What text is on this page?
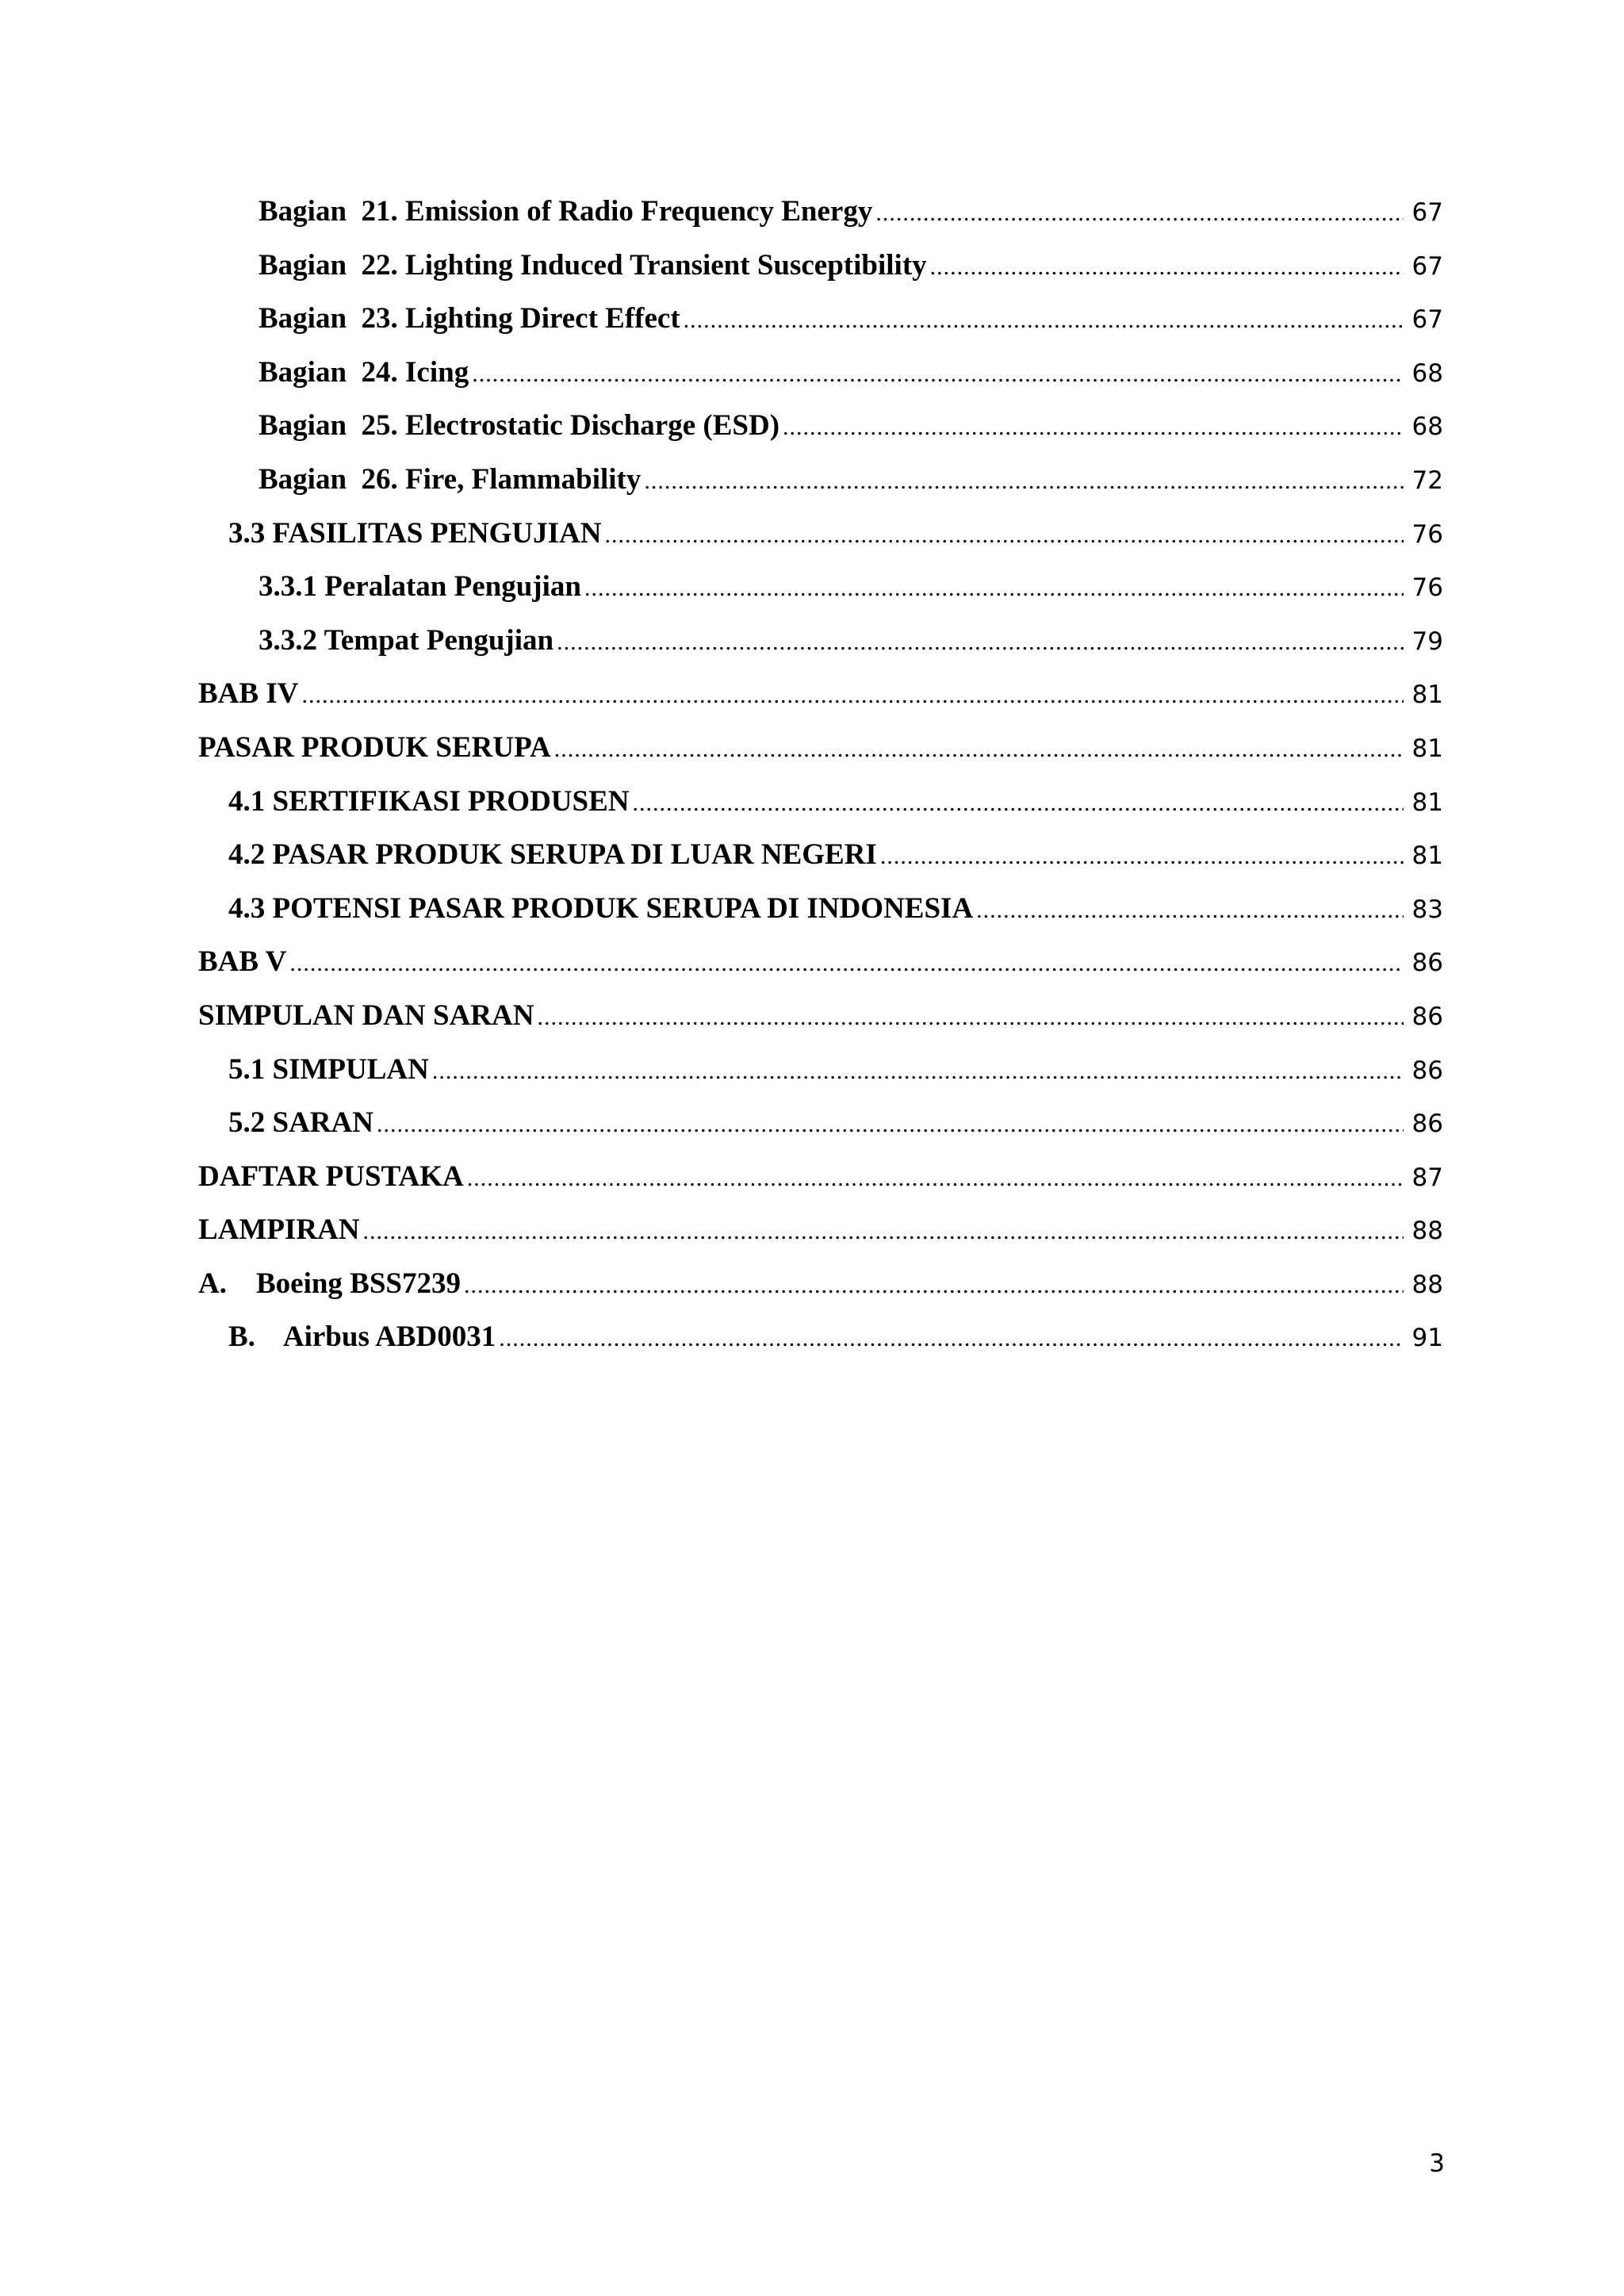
Bagian  21. Emission of Radio Frequency Energy .....	67
Bagian  22. Lighting Induced Transient Susceptibility .....	67
Bagian  23. Lighting Direct Effect .....	67
Bagian  24. Icing .....	68
Bagian  25. Electrostatic Discharge (ESD) .....	68
Bagian  26. Fire, Flammability .....	72
3.3 FASILITAS PENGUJIAN .....	76
3.3.1 Peralatan Pengujian .....	76
3.3.2 Tempat Pengujian .....	79
BAB IV .....	81
PASAR PRODUK SERUPA .....	81
4.1 SERTIFIKASI PRODUSEN .....	81
4.2 PASAR PRODUK SERUPA DI LUAR NEGERI .....	81
4.3 POTENSI PASAR PRODUK SERUPA DI INDONESIA .....	83
BAB V .....	86
SIMPULAN DAN SARAN .....	86
5.1 SIMPULAN .....	86
5.2 SARAN .....	86
DAFTAR PUSTAKA .....	87
LAMPIRAN .....	88
A.    Boeing BSS7239 .....	88
B.    Airbus ABD0031 .....	91
3
